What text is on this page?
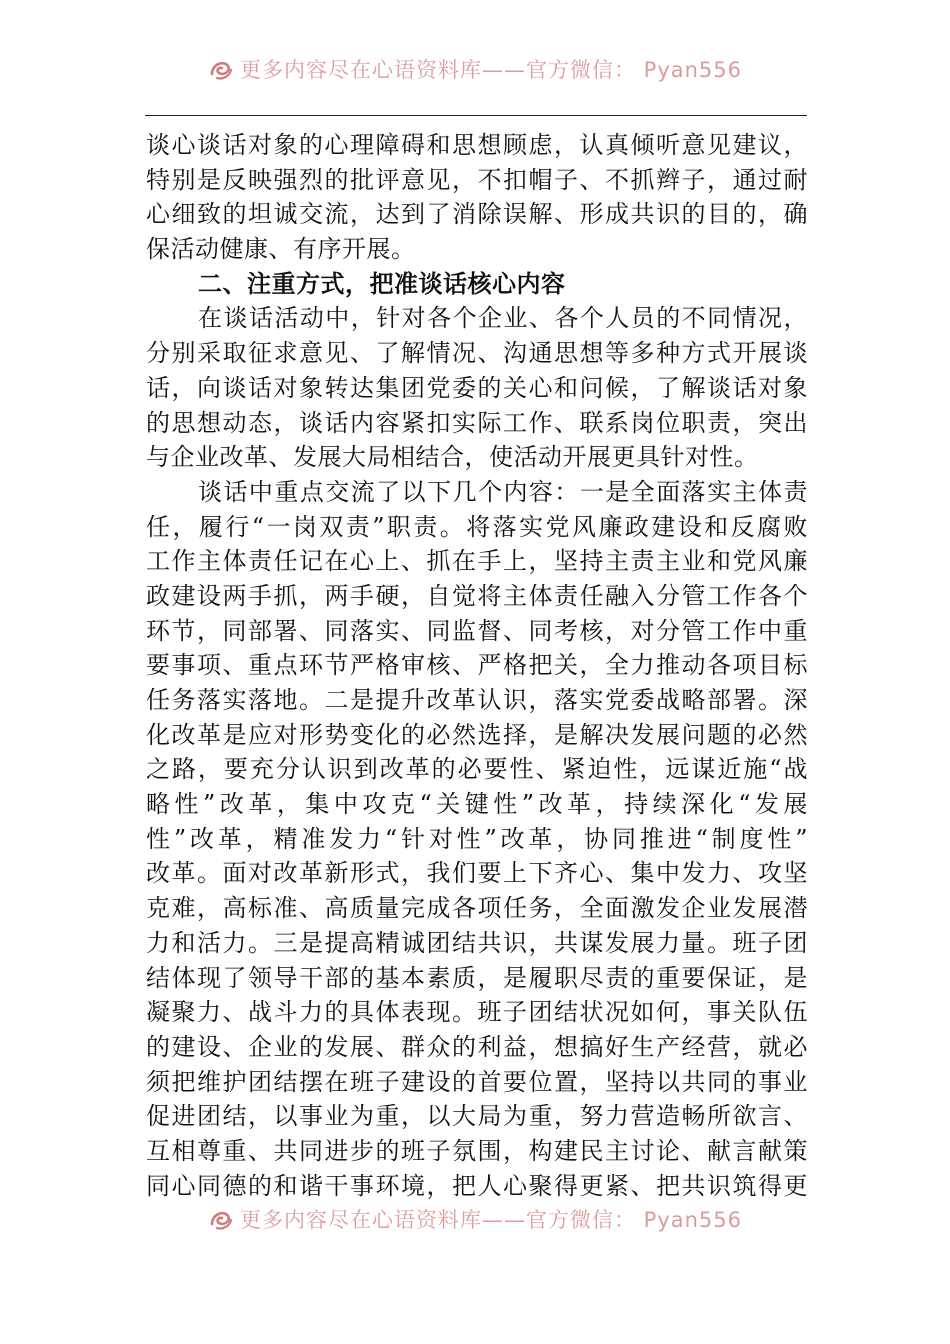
更多内容尽在心语资料库——官方微信： Pyan556
谈心谈话对象的心理障碍和思想顾虑，认真倾听意见建议，
特别是反映强烈的批评意见，不扣帽子、不抓辫子，通过耐
心细致的坦诚交流，达到了消除误解、形成共识的目的，确
保活动健康、有序开展。
二、注重方式，把准谈话核心内容
在谈话活动中，针对各个企业、各个人员的不同情况，
分别采取征求意见、了解情况、沟通思想等多种方式开展谈
话，向谈话对象转达集团党委的关心和问候，了解谈话对象
的思想动态，谈话内容紧扣实际工作、联系岗位职责，突出
与企业改革、发展大局相结合，使活动开展更具针对性。
谈话中重点交流了以下几个内容：一是全面落实主体责
任，履行“一岗双责”职责。将落实党风廉政建设和反腐败
工作主体责任记在心上、抓在手上，坚持主责主业和党风廉
政建设两手抓，两手硬，自觉将主体责任融入分管工作各个
环节，同部署、同落实、同监督、同考核，对分管工作中重
要事项、重点环节严格审核、严格把关，全力推动各项目标
任务落实落地。二是提升改革认识，落实党委战略部署。深
化改革是应对形势变化的必然选择，是解决发展问题的必然
之路，要充分认识到改革的必要性、紧迫性，远谋近施“战
略性”改革，集中攻克“关键性”改革，持续深化“发展
性”改革，精准发力“针对性”改革，协同推进“制度性”
改革。面对改革新形式，我们要上下齐心、集中发力、攻坚
克难，高标准、高质量完成各项任务，全面激发企业发展潜
力和活力。三是提高精诚团结共识，共谋发展力量。班子团
结体现了领导干部的基本素质，是履职尽责的重要保证，是
凝聚力、战斗力的具体表现。班子团结状况如何，事关队伍
的建设、企业的发展、群众的利益，想搞好生产经营，就必
须把维护团结摆在班子建设的首要位置，坚持以共同的事业
促进团结，以事业为重，以大局为重，努力营造畅所欲言、
互相尊重、共同进步的班子氛围，构建民主讨论、献言献策
同心同德的和谐干事环境，把人心聚得更紧、把共识筑得更
更多内容尽在心语资料库——官方微信： Pyan556
